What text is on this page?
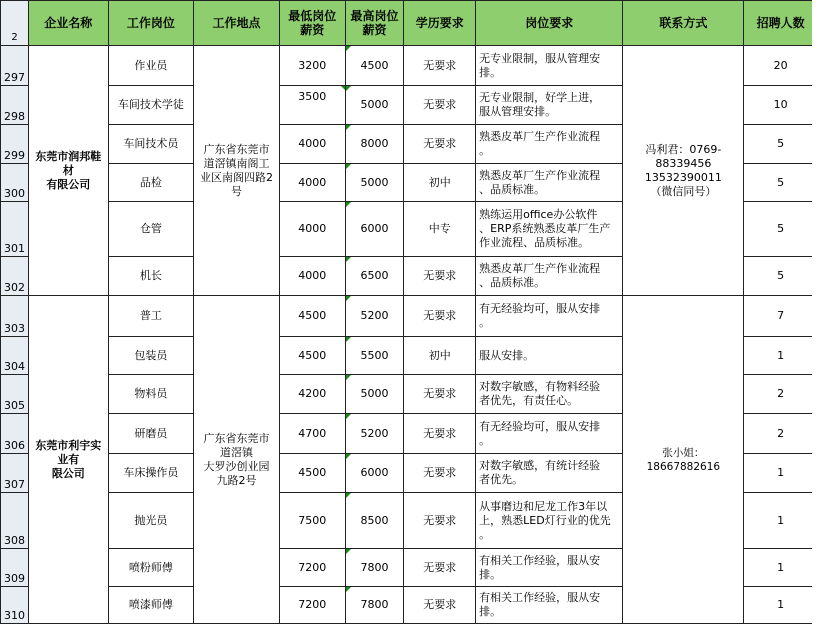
2	企业名称	工作岗位	工作地点	最低岗位
薪资	最高岗位
薪资	学历要求	岗位要求	联系方式	招聘人数
297	东莞市润邦鞋
材
有限公司	作业员	广东省东莞市
道滘镇南阁工
业区南阁四路2
号	3200	4500	无要求	无专业限制，服从管理安
排。	冯利君：0769-
88339456
13532390011
（微信同号）	20
298		车间技术学徒		3500	5000	无要求	无专业限制，好学上进，
服从管理安排。		10
299		车间技术员		4000	8000	无要求	熟悉皮革厂生产作业流程
。		5
300		品检		4000	5000	初中	熟悉皮革厂生产作业流程
、品质标准。		5
301		仓管		4000	6000	中专	熟练运用office办公软件
、ERP系统熟悉皮革厂生产
作业流程、品质标准。		5
302		机长		4000	6500	无要求	熟悉皮革厂生产作业流程
、品质标准。		5
303	东莞市利宇实
业有
限公司	普工	广东省东莞市
道滘镇
大罗沙创业园
九路2号	4500	5200	无要求	有无经验均可，服从安排
。	张小姐：18667882616	7
304		包装员		4500	5500	初中	服从安排。		1
305		物料员		4200	5000	无要求	对数字敏感，有物料经验
者优先，有责任心。		2
306		研磨员		4700	5200	无要求	有无经验均可，服从安排
。		2
307		车床操作员		4500	6000	无要求	对数字敏感，有统计经验
者优先。		1
308		抛光员		7500	8500	无要求	从事磨边和尼龙工作3年以
上，熟悉LED灯行业的优先
。		1
309		喷粉师傅		7200	7800	无要求	有相关工作经验，服从安
排。		1
310		喷漆师傅		7200	7800	无要求	有相关工作经验，服从安
排。		1
